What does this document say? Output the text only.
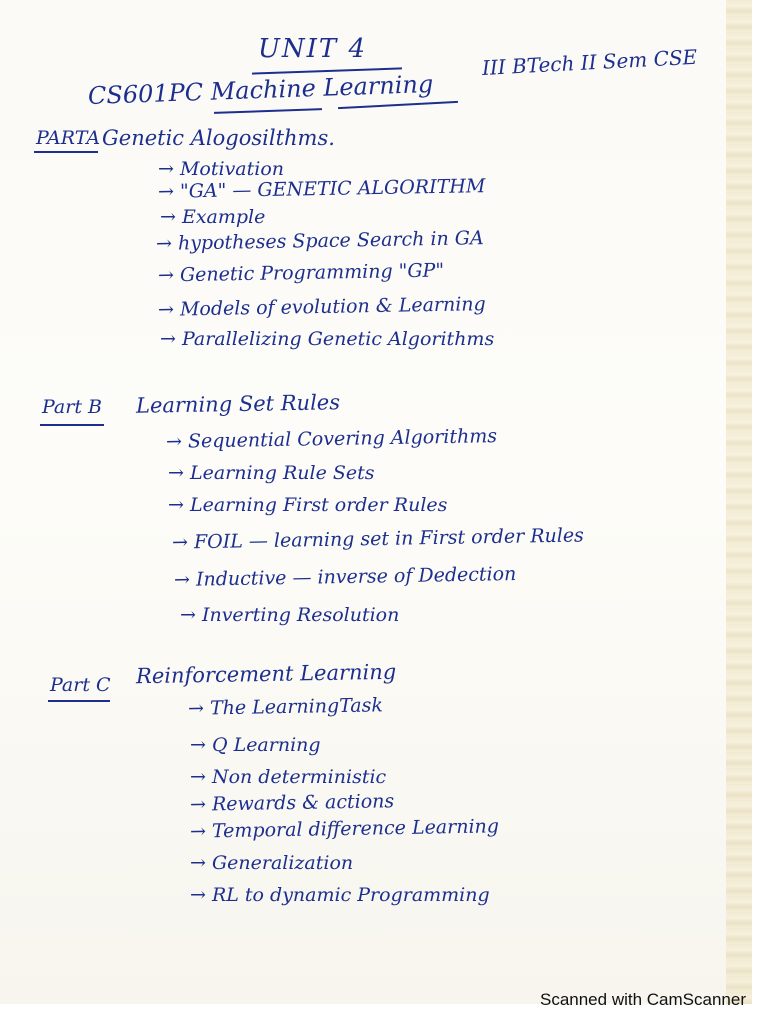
UNIT 4
CS601PC Machine Learning
III BTech II Sem CSE
PARTA Genetic Alogosilthms.
→ Motivation
→ "GA" — GENETIC ALGORITHM
→ Example
→ hypotheses Space Search in GA
→ Genetic Programming "GP"
→ Models of evolution & Learning
→ Parallelizing Genetic Algorithms
Part B Learning Set Rules
→ Sequential Covering Algorithms
→ Learning Rule Sets
→ Learning First order Rules
→ FOIL — learning set in First order Rules
→ Inductive — inverse of Dedection
→ Inverting Resolution
Part C Reinforcement Learning
→ The LearningTask
→ Q Learning
→ Non deterministic
→ Rewards & actions
→ Temporal difference Learning
→ Generalization
→ RL to dynamic Programming
Scanned with CamScanner
